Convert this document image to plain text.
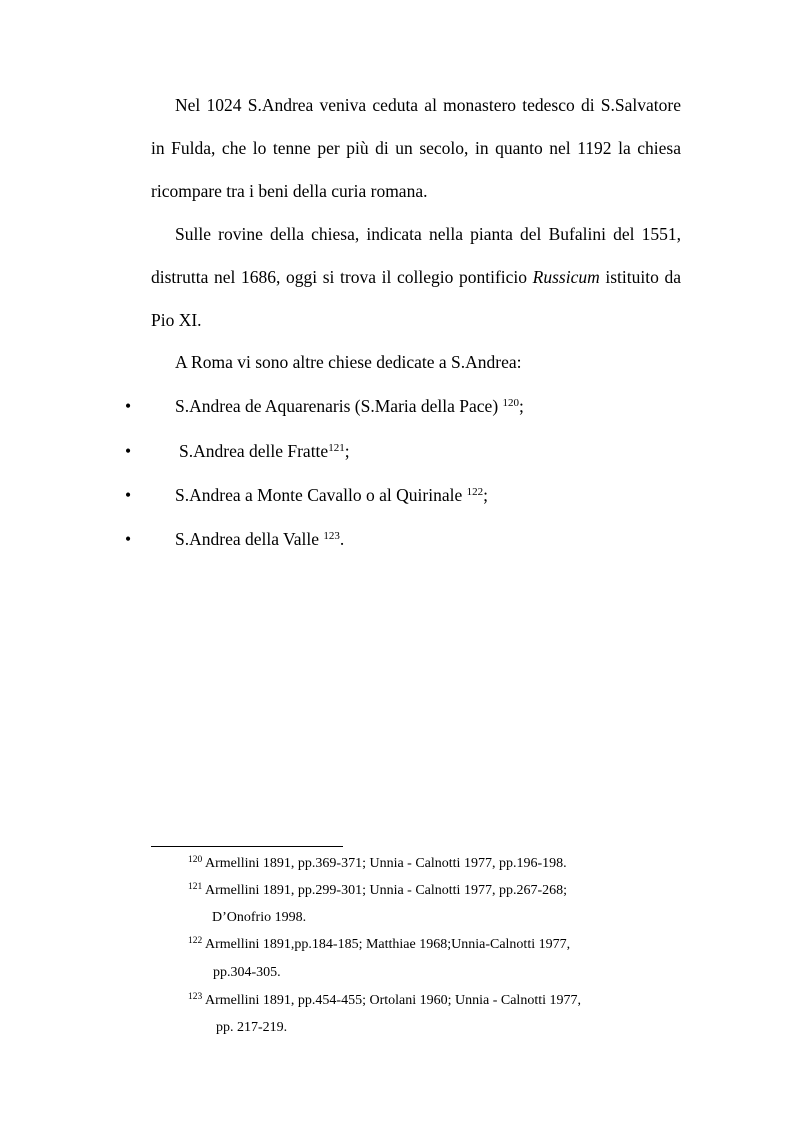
Nel 1024 S.Andrea veniva ceduta al monastero tedesco di S.Salvatore in Fulda, che lo tenne per più di un secolo, in quanto nel 1192 la chiesa ricompare tra i beni della curia romana.

Sulle rovine della chiesa, indicata nella pianta del Bufalini del 1551, distrutta nel 1686, oggi si trova il collegio pontificio Russicum istituito da Pio XI.

A Roma vi sono altre chiese dedicate a S.Andrea:

•	S.Andrea de Aquarenaris (S.Maria della Pace) $^{120}$;
•	S.Andrea delle Fratte$^{121}$;
•	S.Andrea a Monte Cavallo o al Quirinale $^{122}$;
•	S.Andrea della Valle $^{123}$.
$^{120}$ Armellini 1891, pp.369-371; Unnia - Calnotti 1977, pp.196-198.
$^{121}$ Armellini 1891, pp.299-301; Unnia - Calnotti 1977, pp.267-268;
D’Onofrio 1998.
$^{122}$ Armellini 1891,pp.184-185; Matthiae 1968;Unnia-Calnotti 1977,
pp.304-305.
$^{123}$ Armellini 1891, pp.454-455; Ortolani 1960; Unnia - Calnotti 1977,
pp. 217-219.
